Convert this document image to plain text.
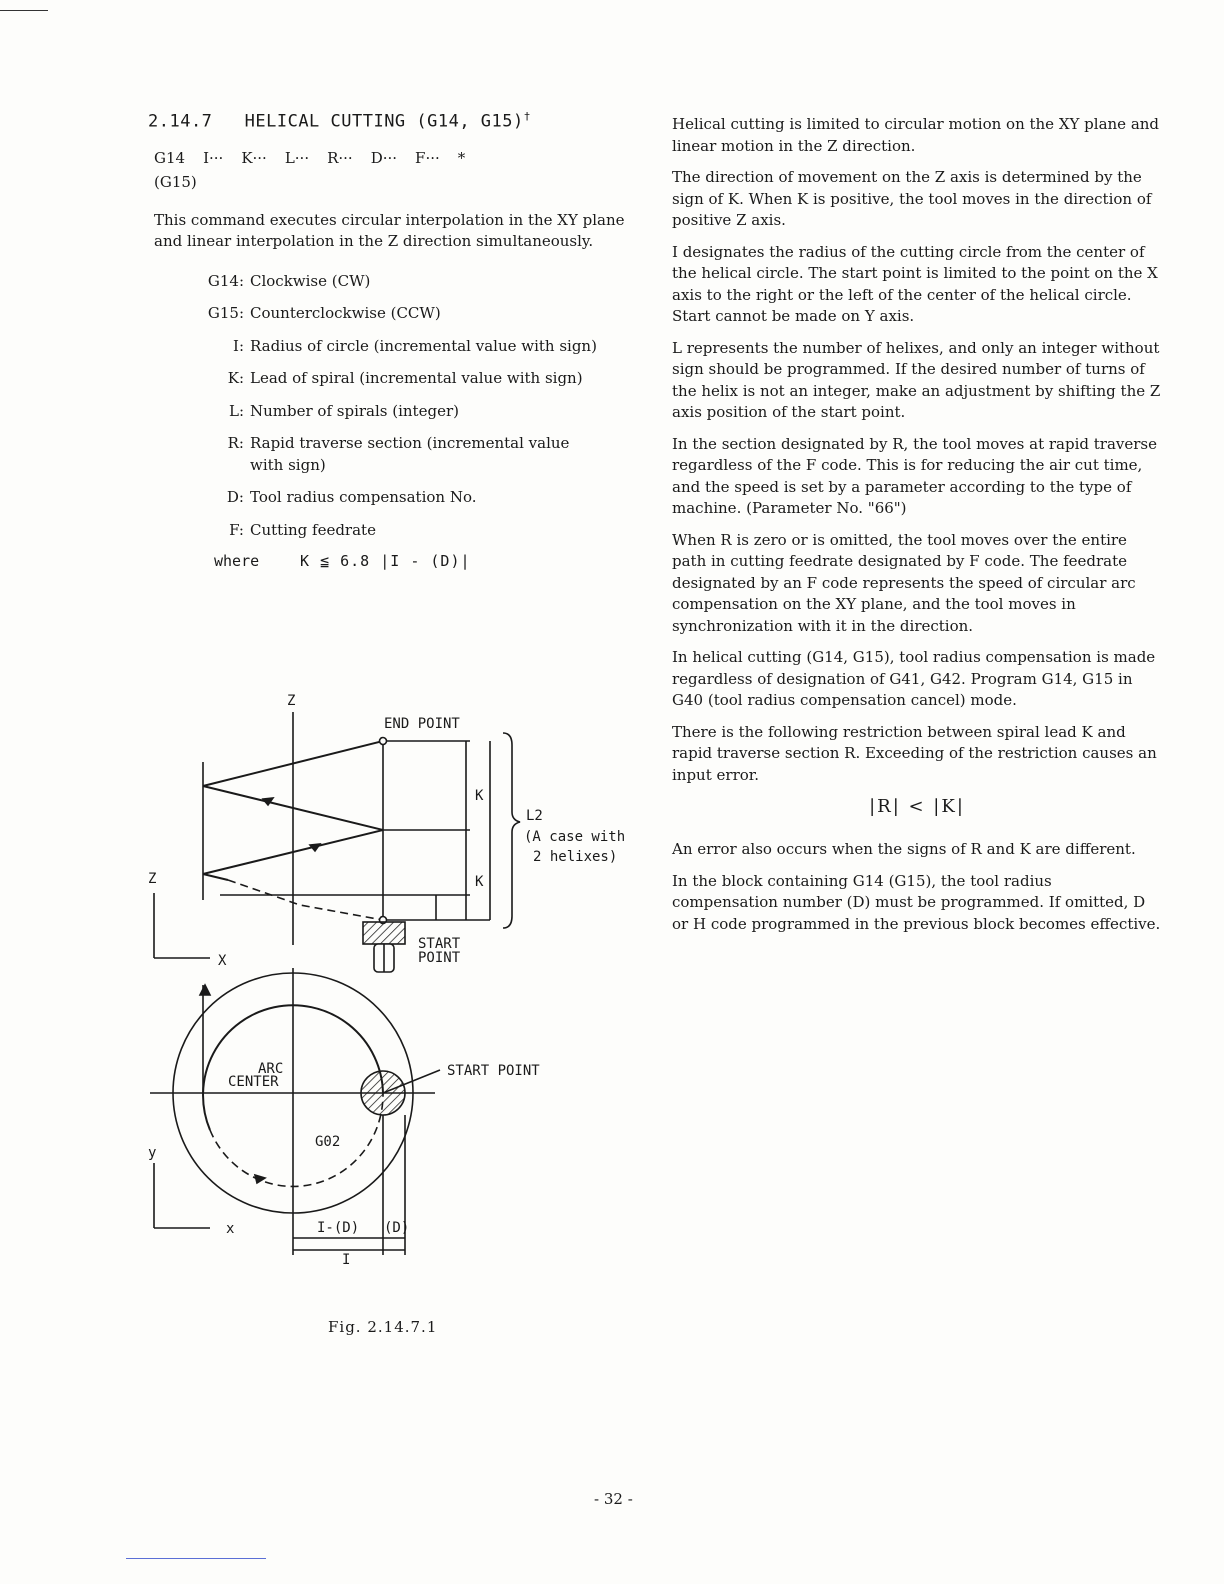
2.14.7 HELICAL CUTTING (G14, G15)†
G14 I··· K··· L··· R··· D··· F··· *
(G15)

This command executes circular interpolation in the XY plane and linear interpolation in the Z direction simultaneously.

G14: Clockwise (CW)
G15: Counterclockwise (CCW)
I: Radius of circle (incremental value with sign)
K: Lead of spiral (incremental value with sign)
L: Number of spirals (integer)
R: Rapid traverse section (incremental value with sign)
D: Tool radius compensation No.
F: Cutting feedrate
where	K ≦ 6.8 |I - (D)|
Z
END POINT
K
K
L2
(A case with
2 helixes)
Z
X
START
POINT
ARC
CENTER
START POINT
G02
y
x	I-(D) (D)
I
Fig. 2.14.7.1

Helical cutting is limited to circular motion on the XY plane and linear motion in the Z direction.

The direction of movement on the Z axis is determined by the sign of K. When K is positive, the tool moves in the direction of positive Z axis.

I designates the radius of the cutting circle from the center of the helical circle. The start point is limited to the point on the X axis to the right or the left of the center of the helical circle. Start cannot be made on Y axis.

L represents the number of helixes, and only an integer without sign should be programmed. If the desired number of turns of the helix is not an integer, make an adjustment by shifting the Z axis position of the start point.

In the section designated by R, the tool moves at rapid traverse regardless of the F code. This is for reducing the air cut time, and the speed is set by a parameter according to the type of machine. (Parameter No. "66")

When R is zero or is omitted, the tool moves over the entire path in cutting feedrate designated by F code. The feedrate designated by an F code represents the speed of circular arc compensation on the XY plane, and the tool moves in synchronization with it in the direction.

In helical cutting (G14, G15), tool radius compensation is made regardless of designation of G41, G42. Program G14, G15 in G40 (tool radius compensation cancel) mode.

There is the following restriction between spiral lead K and rapid traverse section R. Exceeding of the restriction causes an input error.

|R| < |K|

An error also occurs when the signs of R and K are different.

In the block containing G14 (G15), the tool radius compensation number (D) must be programmed. If omitted, D or H code programmed in the previous block becomes effective.

- 32 -
